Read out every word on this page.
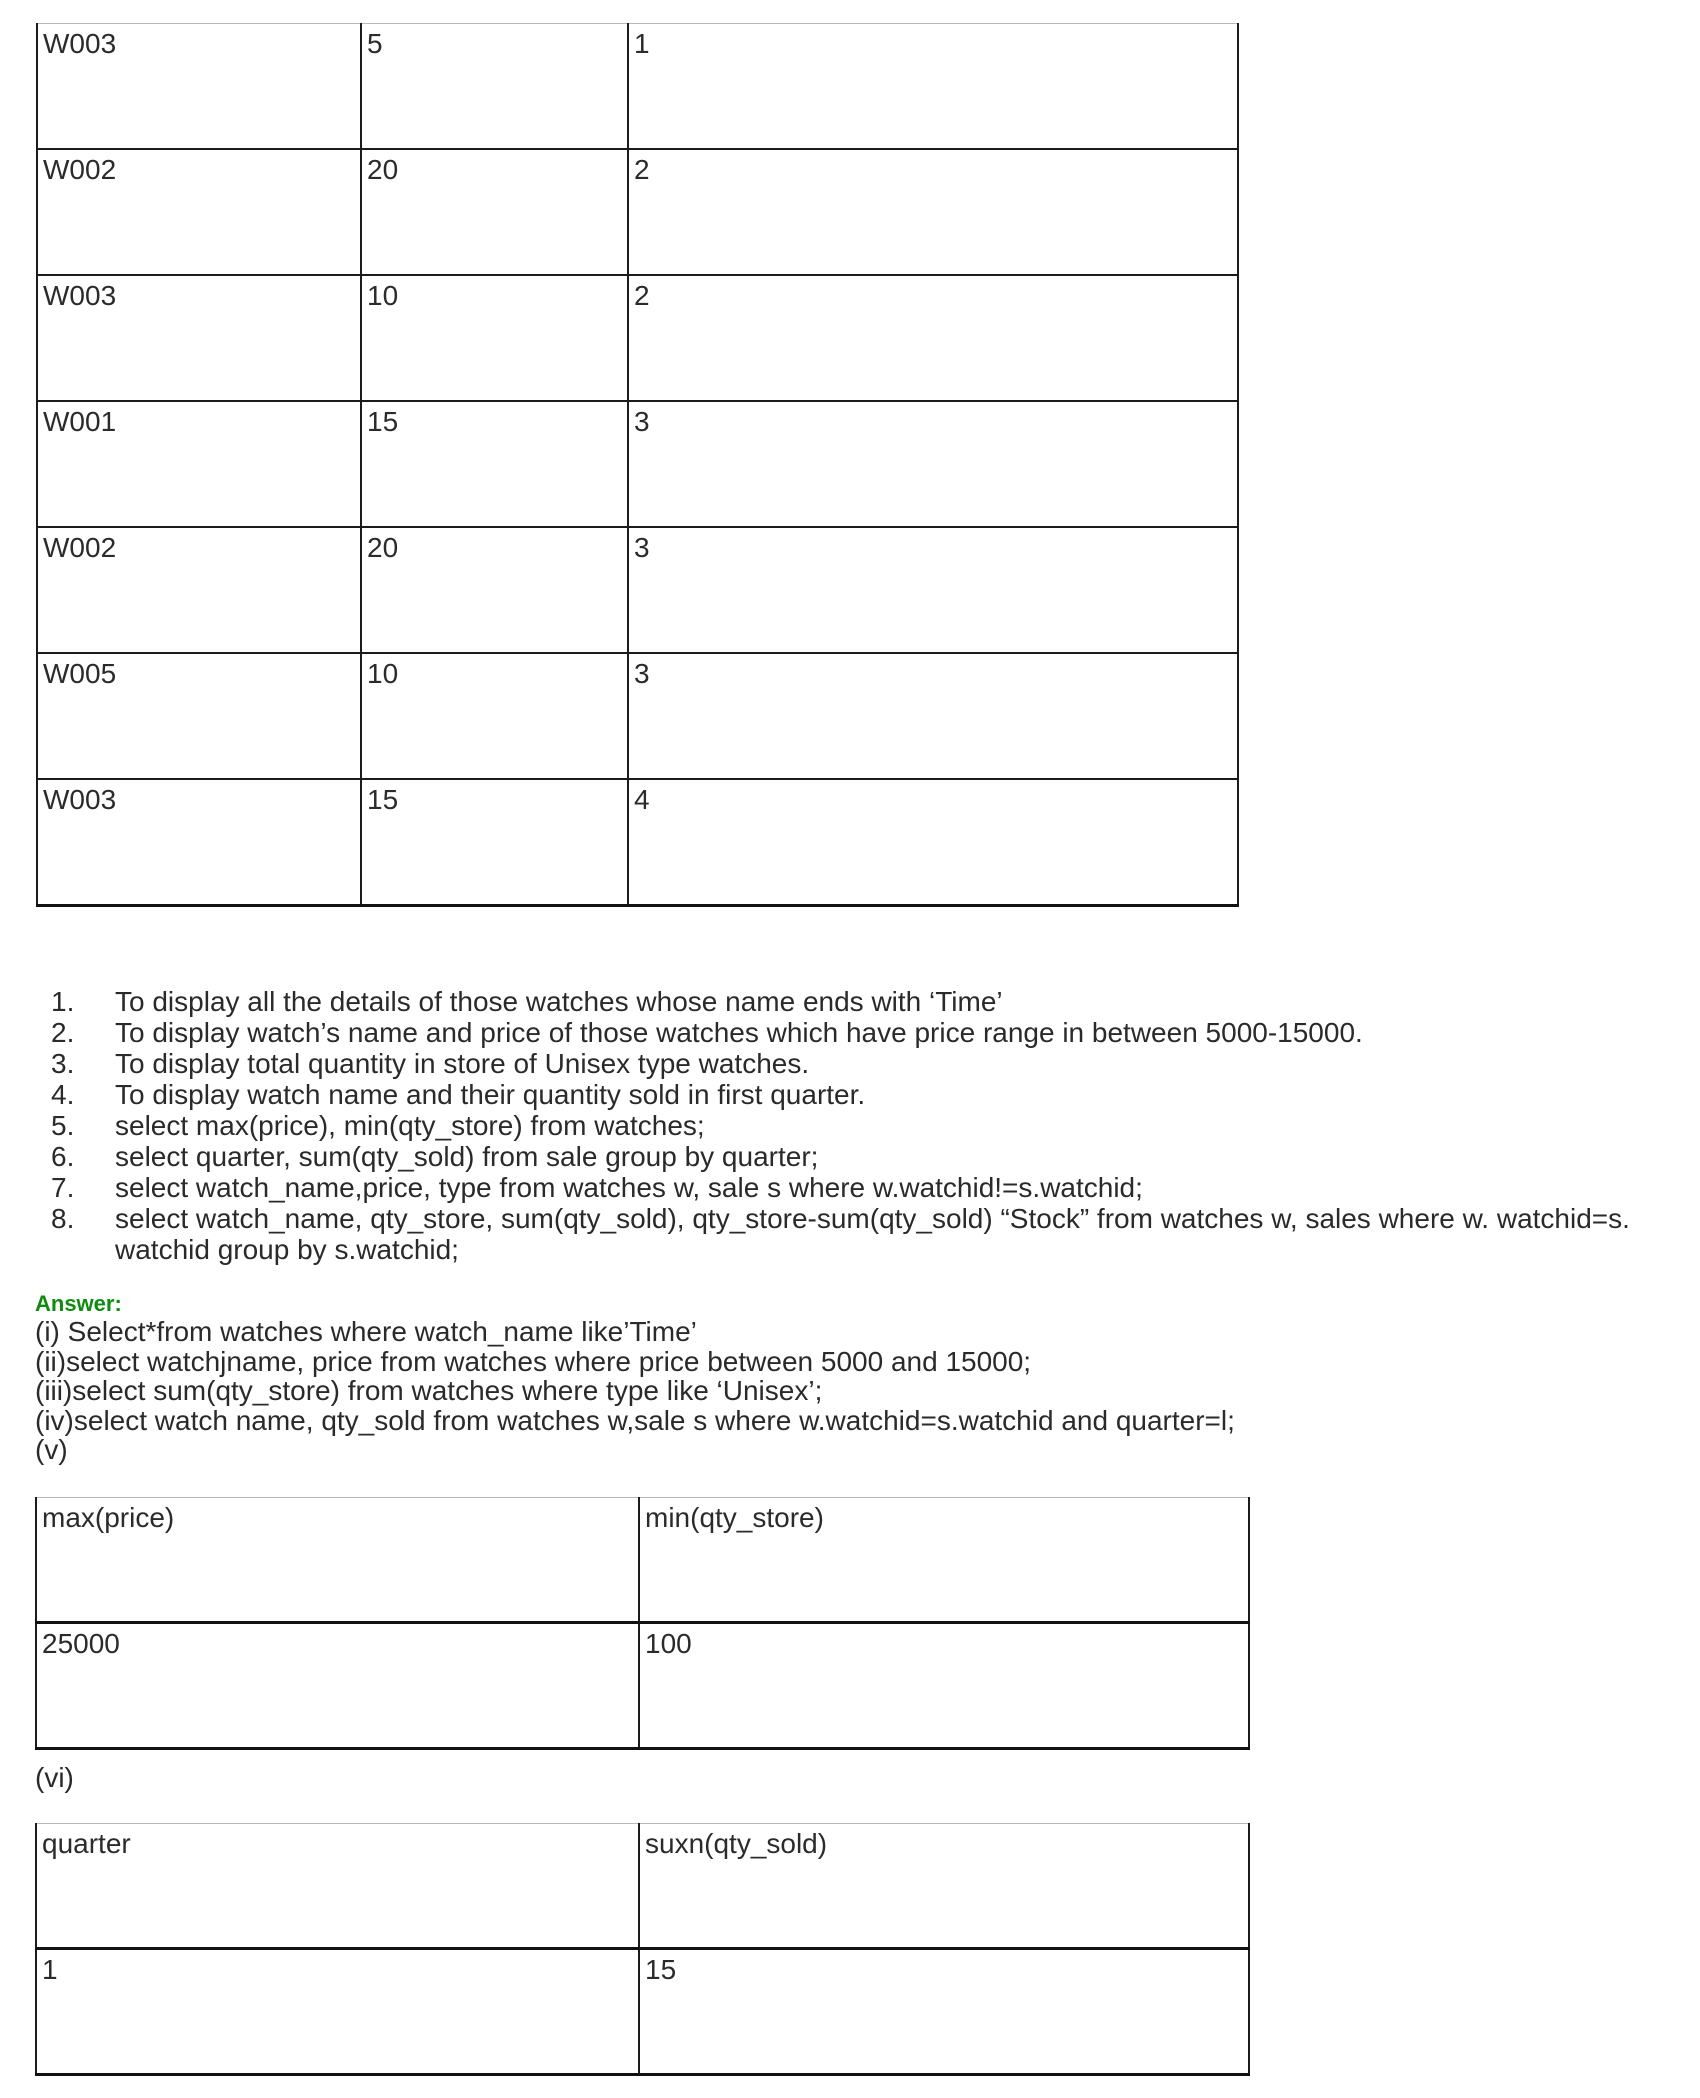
W003	5	1
W002	20	2
W003	10	2
W001	15	3
W002	20	3
W005	10	3
W003	15	4
1.	To display all the details of those watches whose name ends with ‘Time’
2.	To display watch’s name and price of those watches which have price range in between 5000-15000.
3.	To display total quantity in store of Unisex type watches.
4.	To display watch name and their quantity sold in first quarter.
5.	select max(price), min(qty_store) from watches;
6.	select quarter, sum(qty_sold) from sale group by quarter;
7.	select watch_name,price, type from watches w, sale s where w.watchid!=s.watchid;
8.	select watch_name, qty_store, sum(qty_sold), qty_store-sum(qty_sold) “Stock” from watches w, sales where w. watchid=s. watchid group by s.watchid;
Answer:
(i) Select*from watches where watch_name like’Time’
(ii)select watchjname, price from watches where price between 5000 and 15000;
(iii)select sum(qty_store) from watches where type like ‘Unisex’;
(iv)select watch name, qty_sold from watches w,sale s where w.watchid=s.watchid and quarter=l;
(v)
max(price)	min(qty_store)
25000	100
(vi)
quarter	suxn(qty_sold)
1	15
